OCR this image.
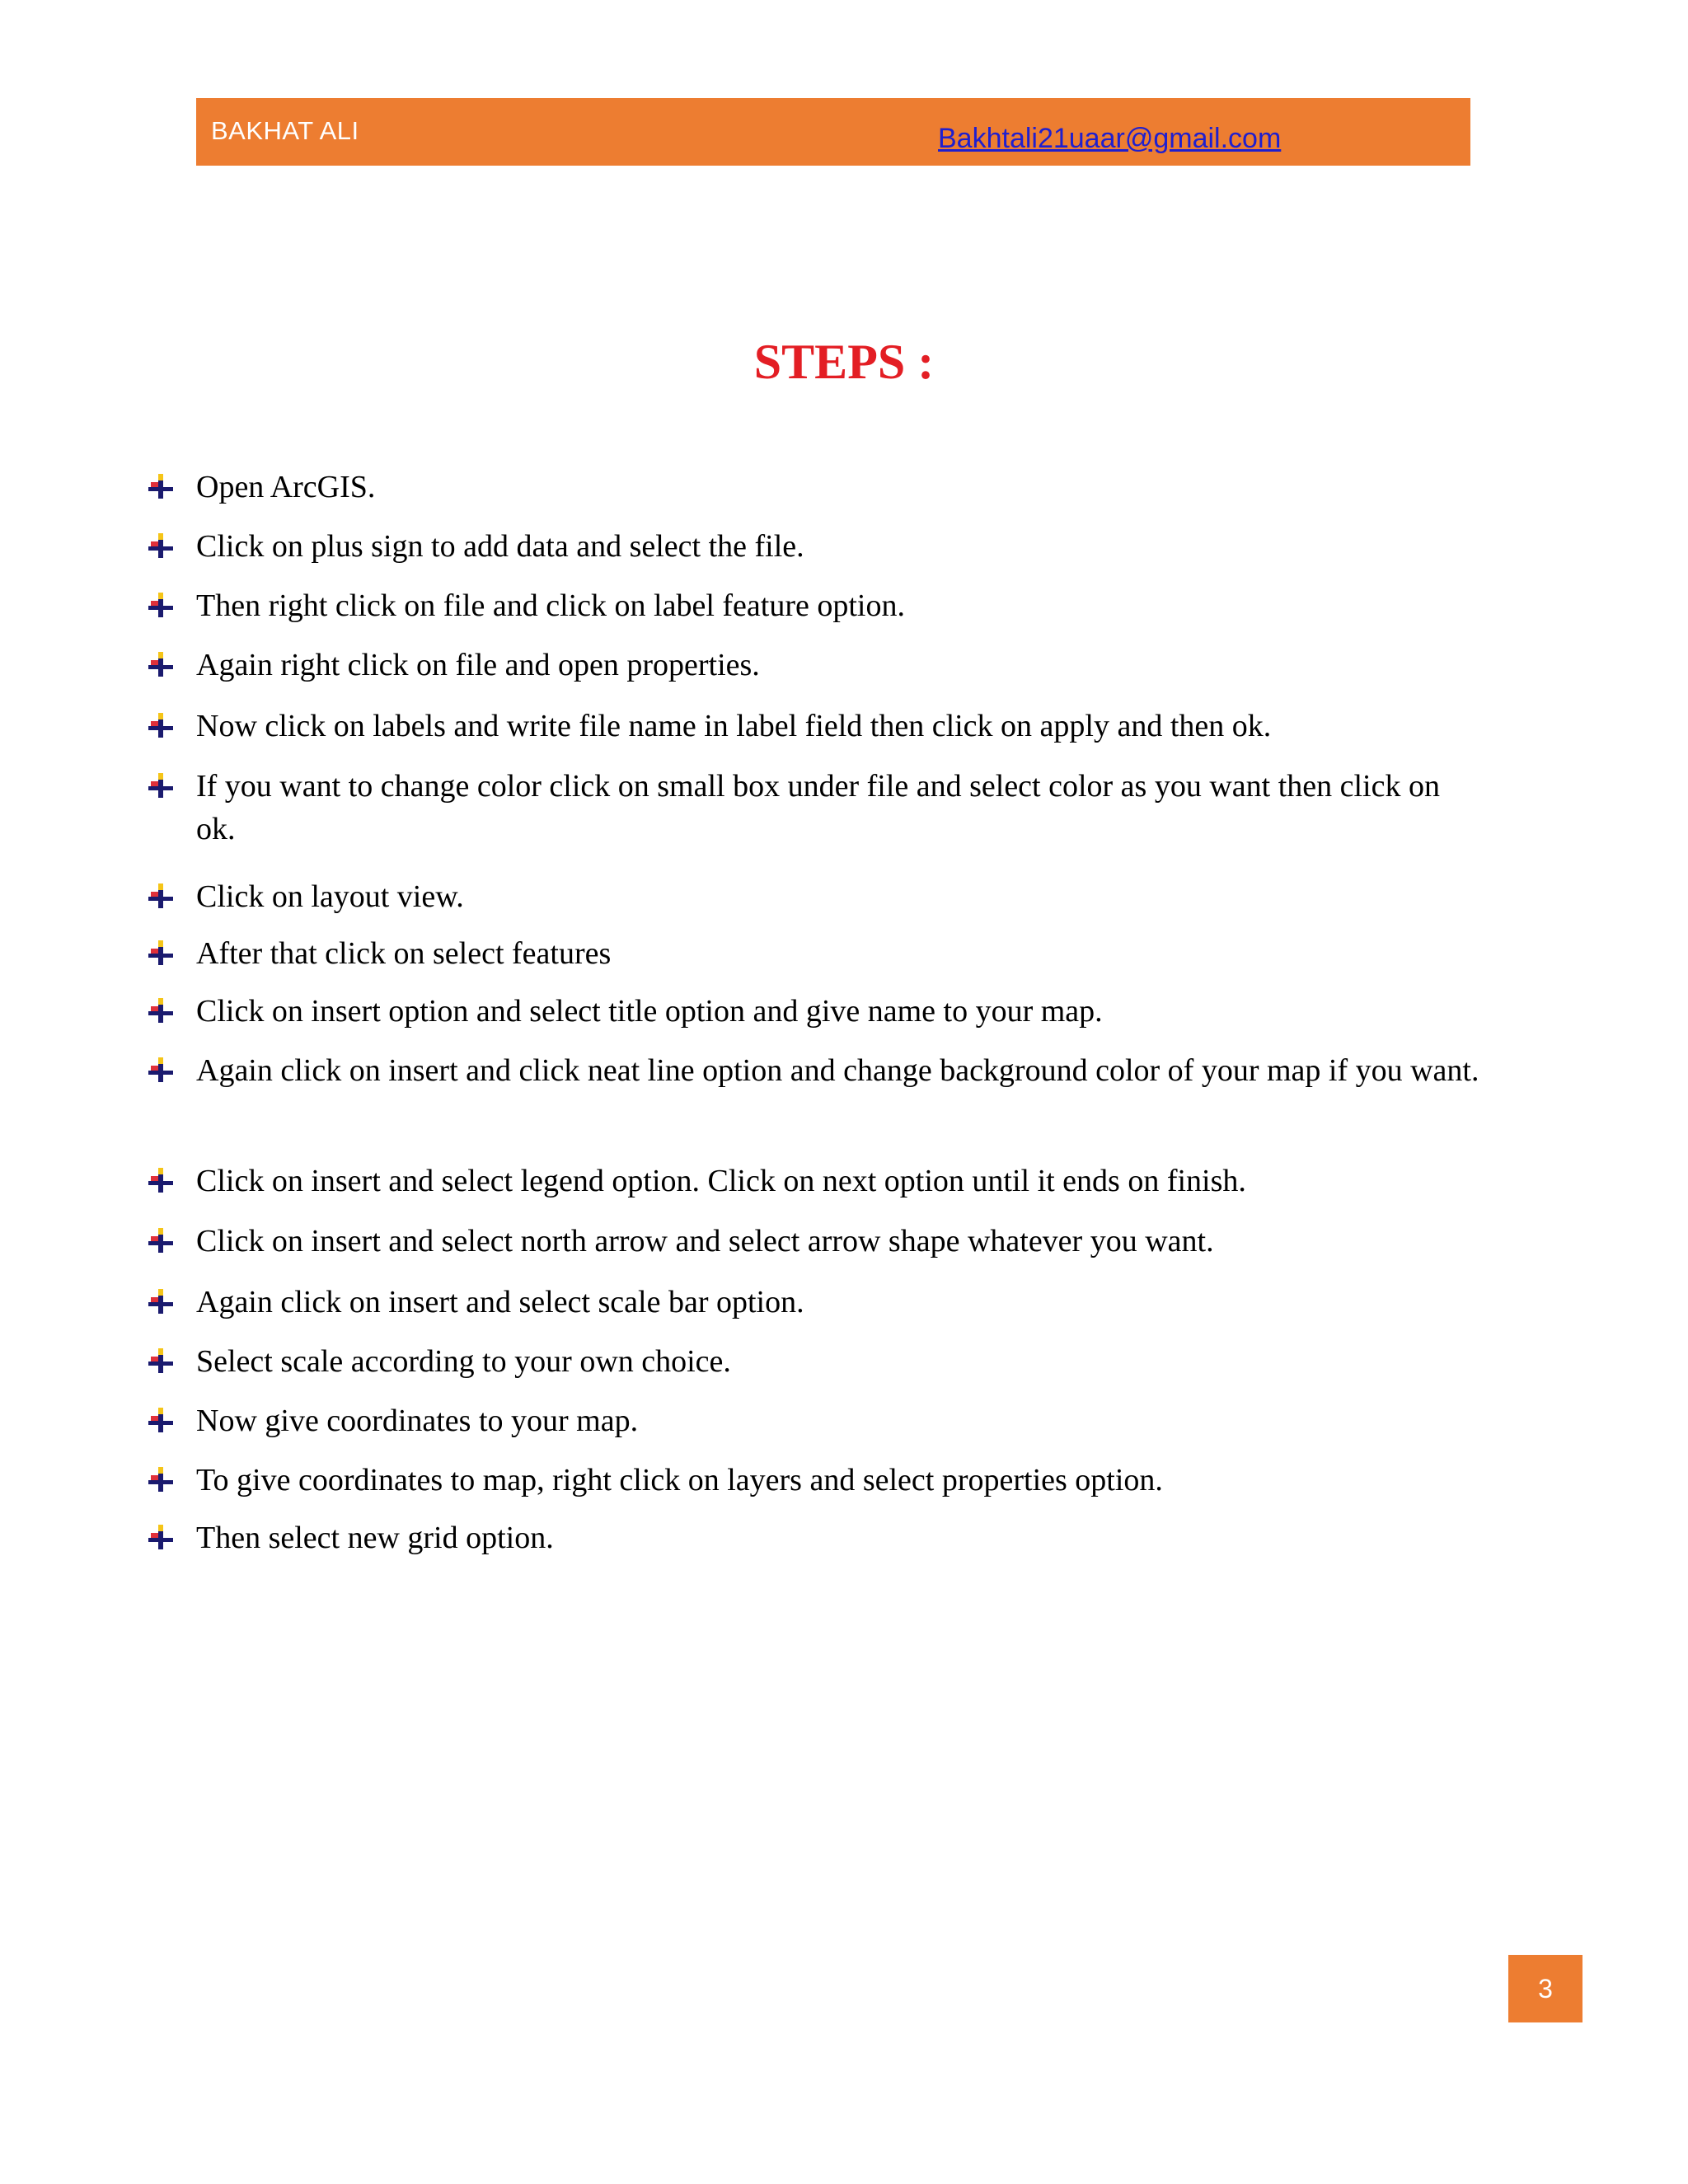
BAKHAT ALI	Bakhtali21uaar@gmail.com
STEPS :
Open ArcGIS.
Click on plus sign to add data and select the file.
Then right click on file and click on label feature option.
Again right click on file and open properties.
Now click on labels and write file name in label field then click on apply and then ok.
If you want to change color click on small box under file and select color as you want then click on ok.
Click on layout view.
After that click on select features
Click on insert option and select title option and give name to your map.
Again click on insert and click neat line option and change background color of your map if you want.
Click on insert and select legend option. Click on next option until it ends on finish.
Click on insert and select north arrow and select arrow shape whatever you want.
Again click on insert and select scale bar option.
Select scale according to your own choice.
Now give coordinates to your map.
To give coordinates to map, right click on layers and select properties option.
Then select new grid option.
3
